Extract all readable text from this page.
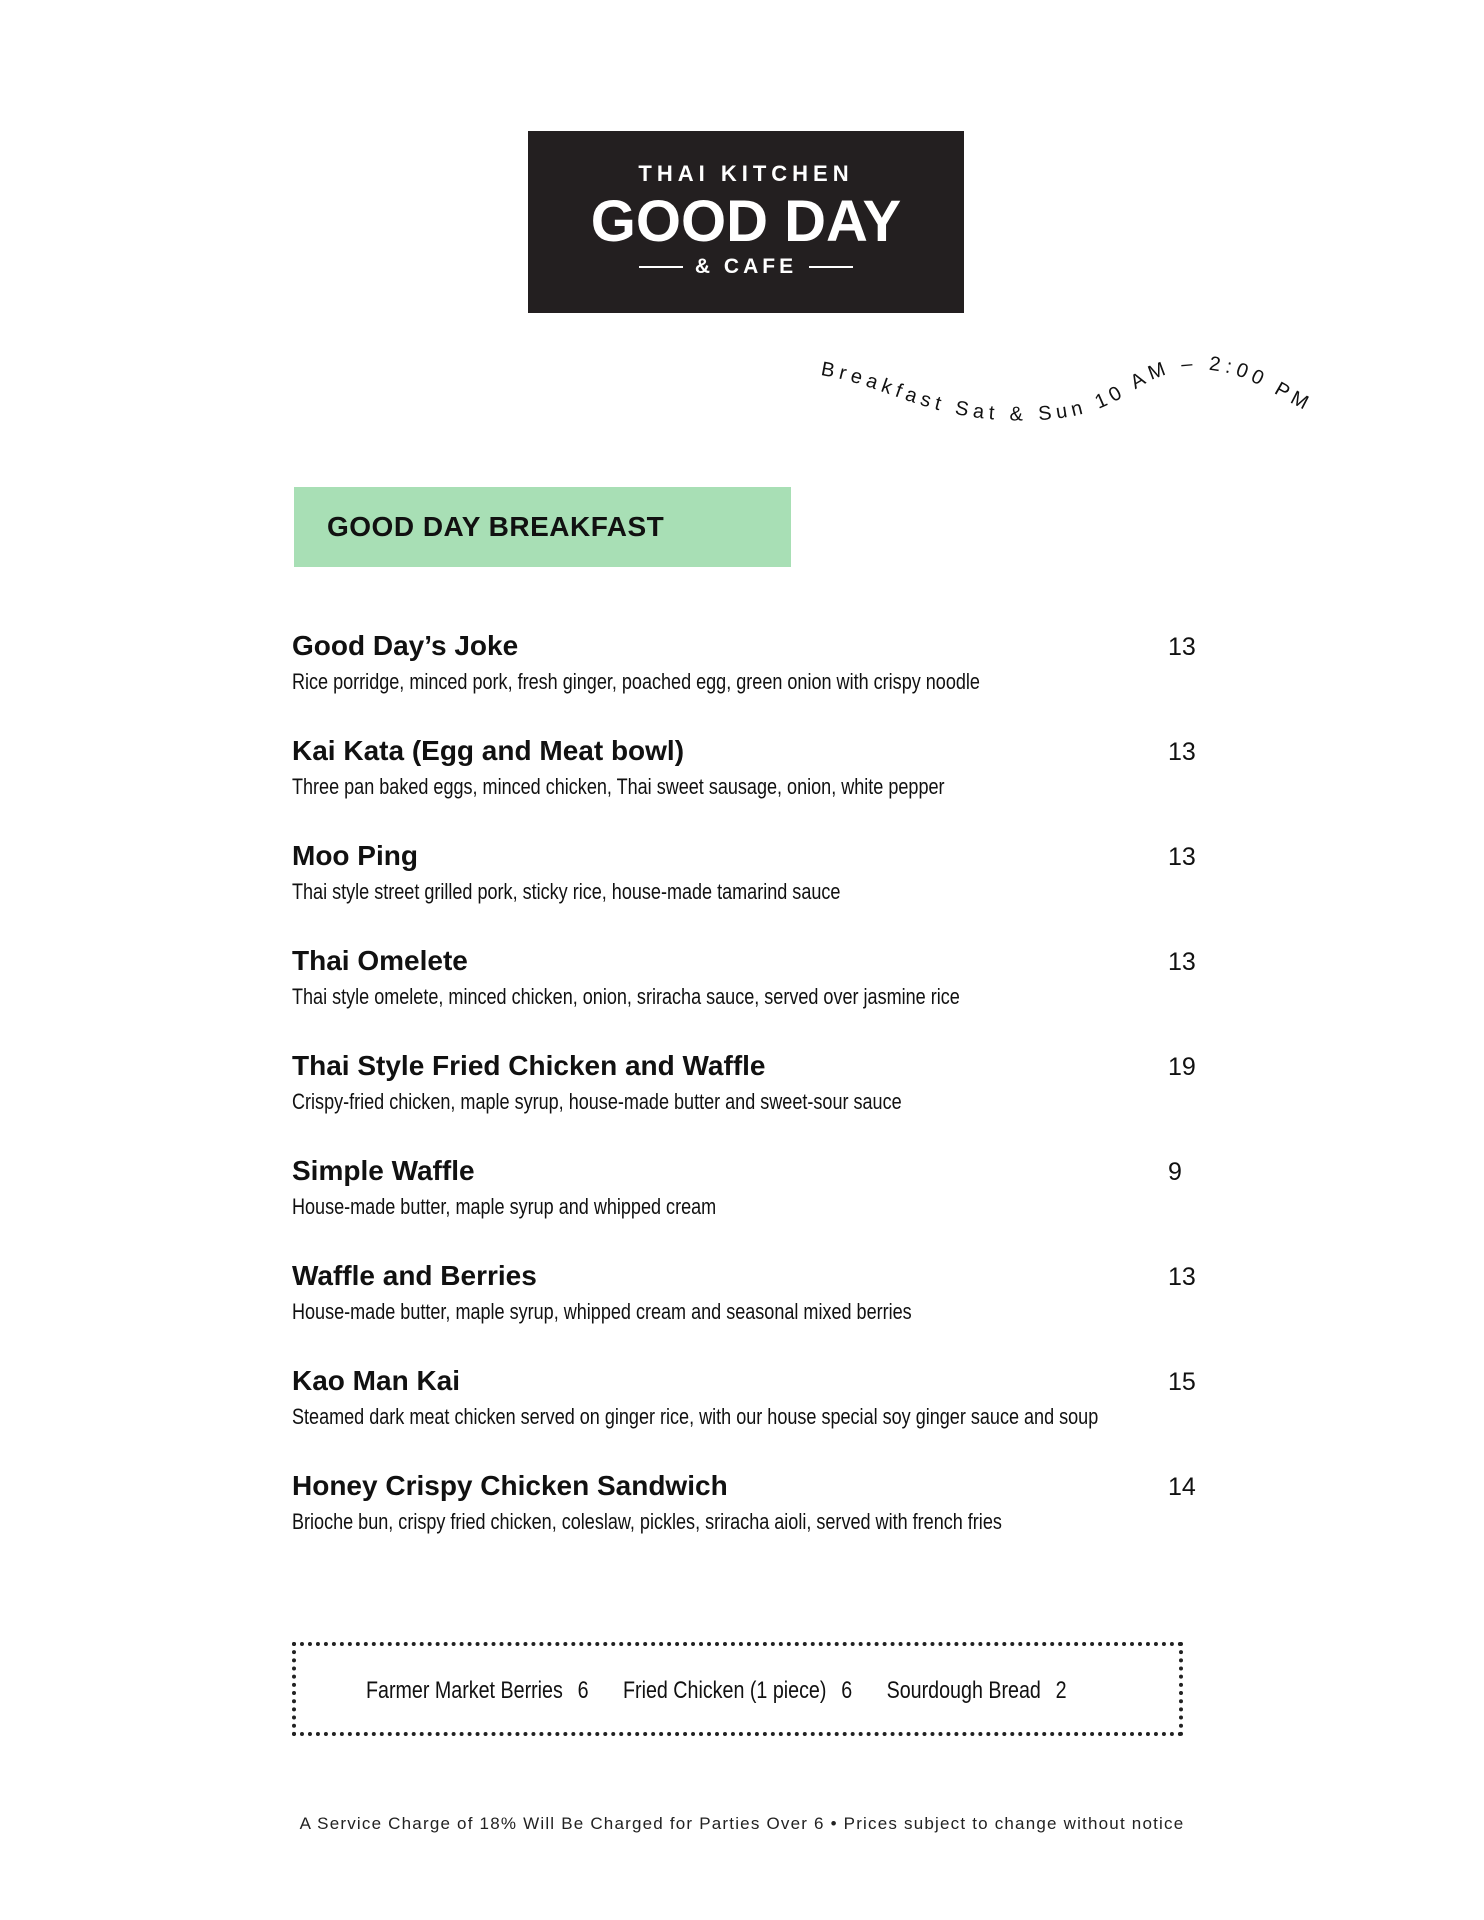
THAI KITCHEN
GOOD DAY
& CAFE
Breakfast Sat & Sun 10 AM – 2:00 PM
GOOD DAY BREAKFAST
Good Day’s Joke	13
Rice porridge, minced pork, fresh ginger, poached egg, green onion with crispy noodle
Kai Kata (Egg and Meat bowl)	13
Three pan baked eggs, minced chicken, Thai sweet sausage, onion, white pepper
Moo Ping	13
Thai style street grilled pork, sticky rice, house-made tamarind sauce
Thai Omelete	13
Thai style omelete, minced chicken, onion, sriracha sauce, served over jasmine rice
Thai Style Fried Chicken and Waffle	19
Crispy-fried chicken, maple syrup, house-made butter and sweet-sour sauce
Simple Waffle	9
House-made butter, maple syrup and whipped cream
Waffle and Berries	13
House-made butter, maple syrup, whipped cream and seasonal mixed berries
Kao Man Kai	15
Steamed dark meat chicken served on ginger rice, with our house special soy ginger sauce and soup
Honey Crispy Chicken Sandwich	14
Brioche bun, crispy fried chicken, coleslaw, pickles, sriracha aioli, served with french fries
Farmer Market Berries 6 Fried Chicken (1 piece) 6 Sourdough Bread 2
A Service Charge of 18% Will Be Charged for Parties Over 6 • Prices subject to change without notice
